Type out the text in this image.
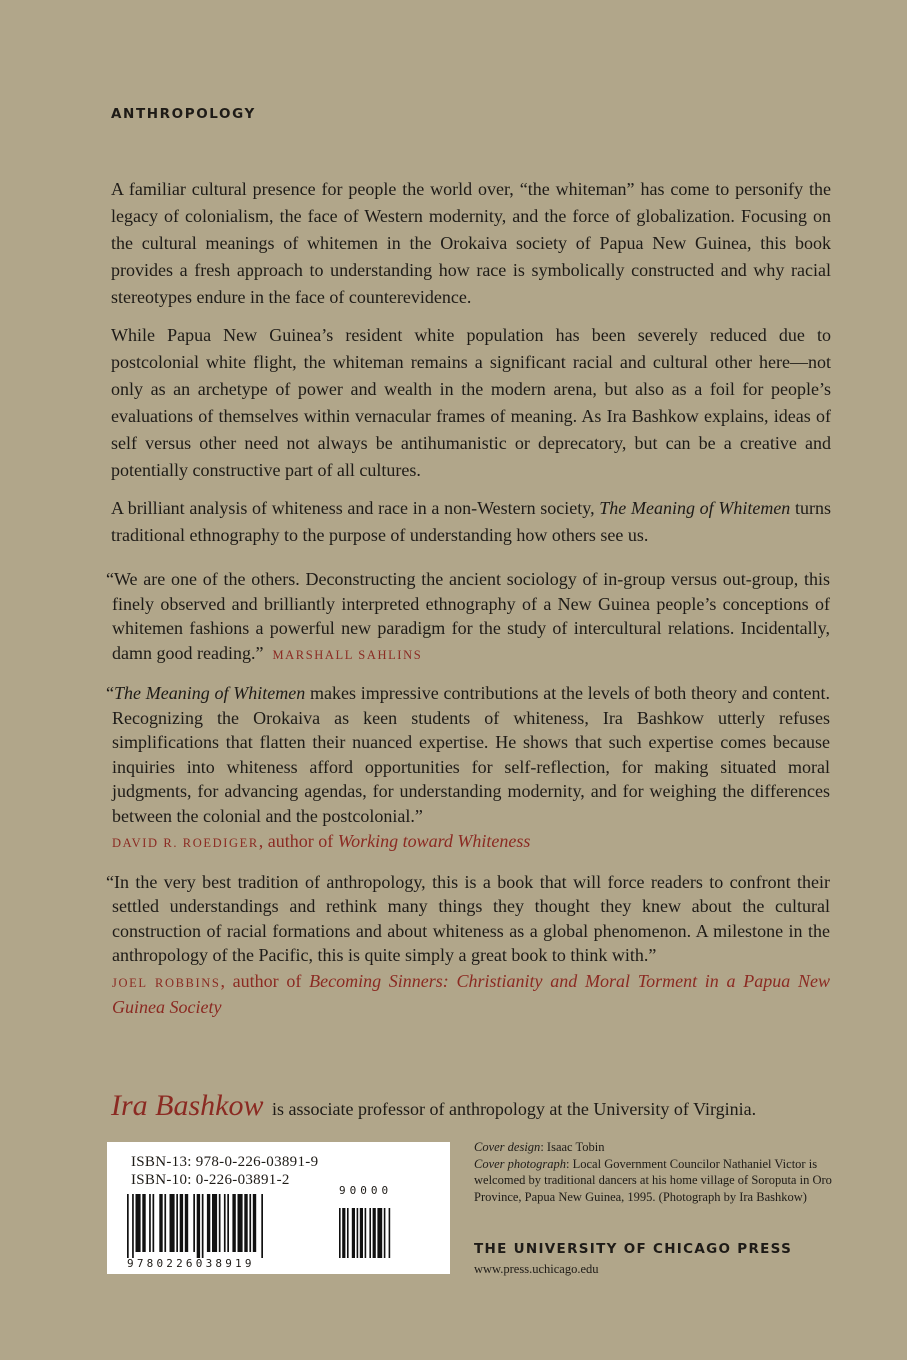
ANTHROPOLOGY

A familiar cultural presence for people the world over, “the whiteman” has come to personify the legacy of colonialism, the face of Western modernity, and the force of globalization. Focusing on the cultural meanings of whitemen in the Orokaiva society of Papua New Guinea, this book provides a fresh approach to understanding how race is symbolically constructed and why racial stereotypes endure in the face of counterevidence.

While Papua New Guinea’s resident white population has been severely reduced due to postcolonial white flight, the whiteman remains a significant racial and cultural other here—not only as an archetype of power and wealth in the modern arena, but also as a foil for people’s evaluations of themselves within vernacular frames of meaning. As Ira Bashkow explains, ideas of self versus other need not always be antihumanistic or deprecatory, but can be a creative and potentially constructive part of all cultures.

A brilliant analysis of whiteness and race in a non-Western society, The Meaning of Whitemen turns traditional ethnography to the purpose of understanding how others see us.

“We are one of the others. Deconstructing the ancient sociology of in-group versus out-group, this finely observed and brilliantly interpreted ethnography of a New Guinea people’s conceptions of whitemen fashions a powerful new paradigm for the study of intercultural relations. Incidentally, damn good reading.” MARSHALL SAHLINS

“The Meaning of Whitemen makes impressive contributions at the levels of both theory and content. Recognizing the Orokaiva as keen students of whiteness, Ira Bashkow utterly refuses simplifications that flatten their nuanced expertise. He shows that such expertise comes because inquiries into whiteness afford opportunities for self-reflection, for making situated moral judgments, for advancing agendas, for understanding modernity, and for weighing the differences between the colonial and the postcolonial.”
DAVID R. ROEDIGER, author of Working toward Whiteness

“In the very best tradition of anthropology, this is a book that will force readers to confront their settled understandings and rethink many things they thought they knew about the cultural construction of racial formations and about whiteness as a global phenomenon. A milestone in the anthropology of the Pacific, this is quite simply a great book to think with.”
JOEL ROBBINS, author of Becoming Sinners: Christianity and Moral Torment in a Papua New Guinea Society

Ira Bashkow is associate professor of anthropology at the University of Virginia.
ISBN-13: 978-0-226-03891-9
ISBN-10: 0-226-03891-2
90000
9780226038919

Cover design: Isaac Tobin

Cover photograph: Local Government Councilor Nathaniel Victor is welcomed by traditional dancers at his home village of Soroputa in Oro Province, Papua New Guinea, 1995. (Photograph by Ira Bashkow)

THE UNIVERSITY OF CHICAGO PRESS
www.press.uchicago.edu
